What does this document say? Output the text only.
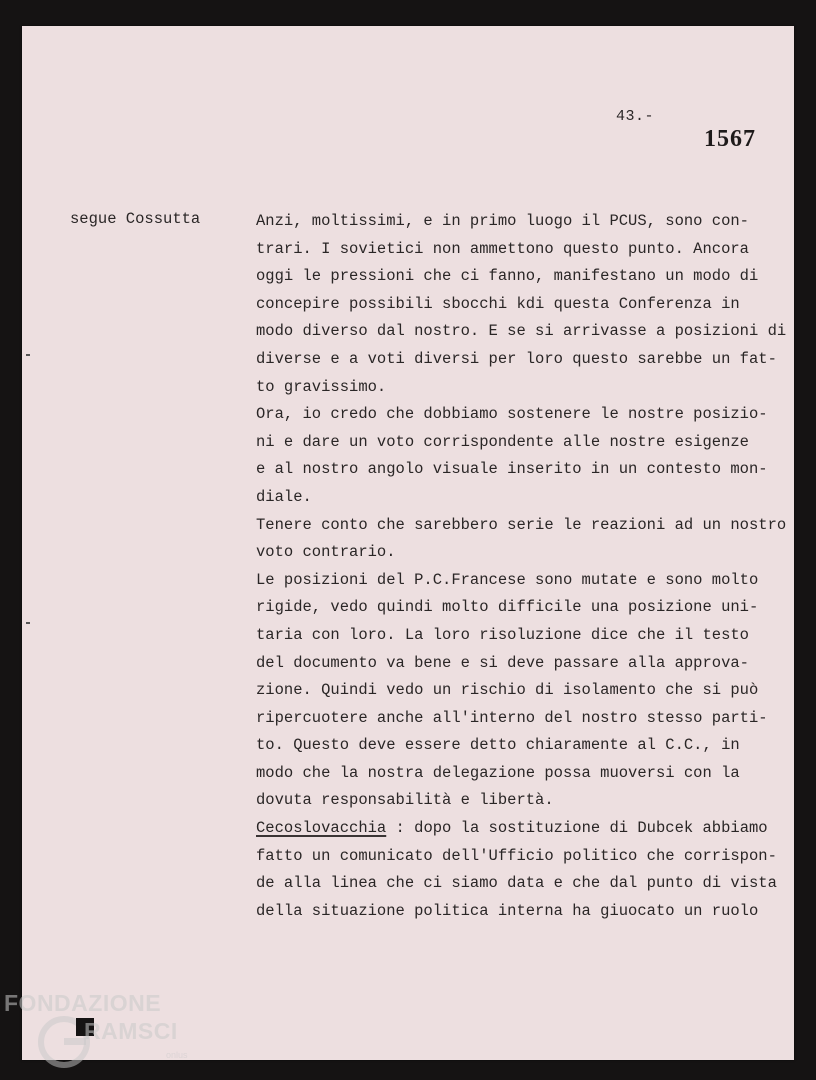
43.-
1567
segue Cossutta	Anzi, moltissimi, e in primo luogo il PCUS, sono con-
trari. I sovietici non ammettono questo punto. Ancora
oggi le pressioni che ci fanno, manifestano un modo di
concepire possibili sbocchi kdi questa Conferenza in
modo diverso dal nostro. E se si arrivasse a posizioni di
diverse e a voti diversi per loro questo sarebbe un fat-
to gravissimo.
Ora, io credo che dobbiamo sostenere le nostre posizio-
ni e dare un voto corrispondente alle nostre esigenze
e al nostro angolo visuale inserito in un contesto mon-
diale.
Tenere conto che sarebbero serie le reazioni ad un nostro
voto contrario.
Le posizioni del P.C.Francese sono mutate e sono molto
rigide, vedo quindi molto difficile una posizione uni-
taria con loro. La loro risoluzione dice che il testo
del documento va bene e si deve passare alla approva-
zione. Quindi vedo un rischio di isolamento che si può
ripercuotere anche all'interno del nostro stesso parti-
to. Questo deve essere detto chiaramente al C.C., in
modo che la nostra delegazione possa muoversi con la
dovuta responsabilità e libertà.
Cecoslovacchia : dopo la sostituzione di Dubcek abbiamo
fatto un comunicato dell'Ufficio politico che corrispon-
de alla linea che ci siamo data e che dal punto di vista
della situazione politica interna ha giuocato un ruolo
FONDAZIONE
RAMSCI
onlus
